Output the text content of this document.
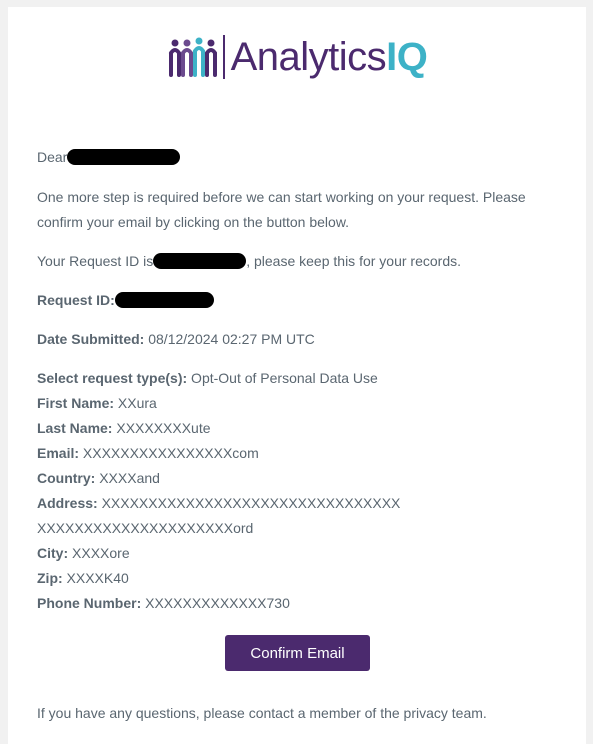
AnalyticsIQ
Dear
One more step is required before we can start working on your request. Please
confirm your email by clicking on the button below.
Your Request ID is	, please keep this for your records.
Request ID:
Date Submitted: 08/12/2024 02:27 PM UTC
Select request type(s): Opt-Out of Personal Data Use
First Name: XXura
Last Name: XXXXXXXXute
Email: XXXXXXXXXXXXXXXXcom
Country: XXXXand
Address: XXXXXXXXXXXXXXXXXXXXXXXXXXXXXXXX
XXXXXXXXXXXXXXXXXXXXXord
City: XXXXore
Zip: XXXXK40
Phone Number: XXXXXXXXXXXXX730
If you have any questions, please contact a member of the privacy team.
Confirm Email
